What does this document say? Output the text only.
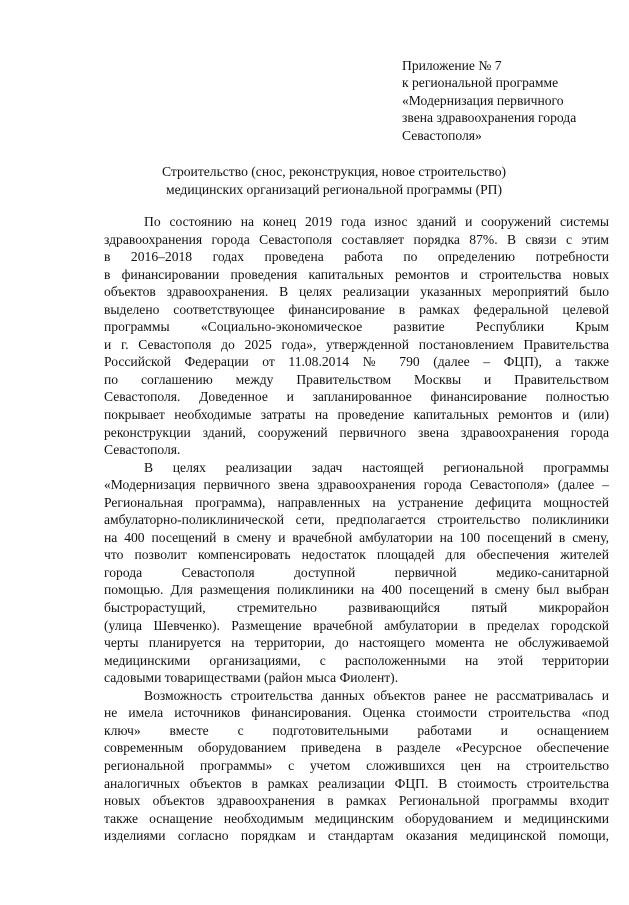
Приложение № 7
к региональной программе
«Модернизация первичного
звена здравоохранения города
Севастополя»
Строительство (снос, реконструкция, новое строительство)
медицинских организаций региональной программы (РП)
По состоянию на конец 2019 года износ зданий и сооружений системы
здравоохранения города Севастополя составляет порядка 87%. В связи с этим
в 2016–2018 годах проведена работа по определению потребности
в финансировании проведения капитальных ремонтов и строительства новых
объектов здравоохранения. В целях реализации указанных мероприятий было
выделено соответствующее финансирование в рамках федеральной целевой
программы «Социально-экономическое развитие Республики Крым
и г. Севастополя до 2025 года», утвержденной постановлением Правительства
Российской Федерации от 11.08.2014 № 790 (далее – ФЦП), а также
по соглашению между Правительством Москвы и Правительством
Севастополя. Доведенное и запланированное финансирование полностью
покрывает необходимые затраты на проведение капитальных ремонтов и (или)
реконструкции зданий, сооружений первичного звена здравоохранения города
Севастополя.
В целях реализации задач настоящей региональной программы
«Модернизация первичного звена здравоохранения города Севастополя» (далее –
Региональная программа), направленных на устранение дефицита мощностей
амбулаторно-поликлинической сети, предполагается строительство поликлиники
на 400 посещений в смену и врачебной амбулатории на 100 посещений в смену,
что позволит компенсировать недостаток площадей для обеспечения жителей
города Севастополя доступной первичной медико-санитарной
помощью. Для размещения поликлиники на 400 посещений в смену был выбран
быстрорастущий, стремительно развивающийся пятый микрорайон
(улица Шевченко). Размещение врачебной амбулатории в пределах городской
черты планируется на территории, до настоящего момента не обслуживаемой
медицинскими организациями, с расположенными на этой территории
садовыми товариществами (район мыса Фиолент).
Возможность строительства данных объектов ранее не рассматривалась и
не имела источников финансирования. Оценка стоимости строительства «под
ключ» вместе с подготовительными работами и оснащением
современным оборудованием приведена в разделе «Ресурсное обеспечение
региональной программы» с учетом сложившихся цен на строительство
аналогичных объектов в рамках реализации ФЦП. В стоимость строительства
новых объектов здравоохранения в рамках Региональной программы входит
также оснащение необходимым медицинским оборудованием и медицинскими
изделиями согласно порядкам и стандартам оказания медицинской помощи,
